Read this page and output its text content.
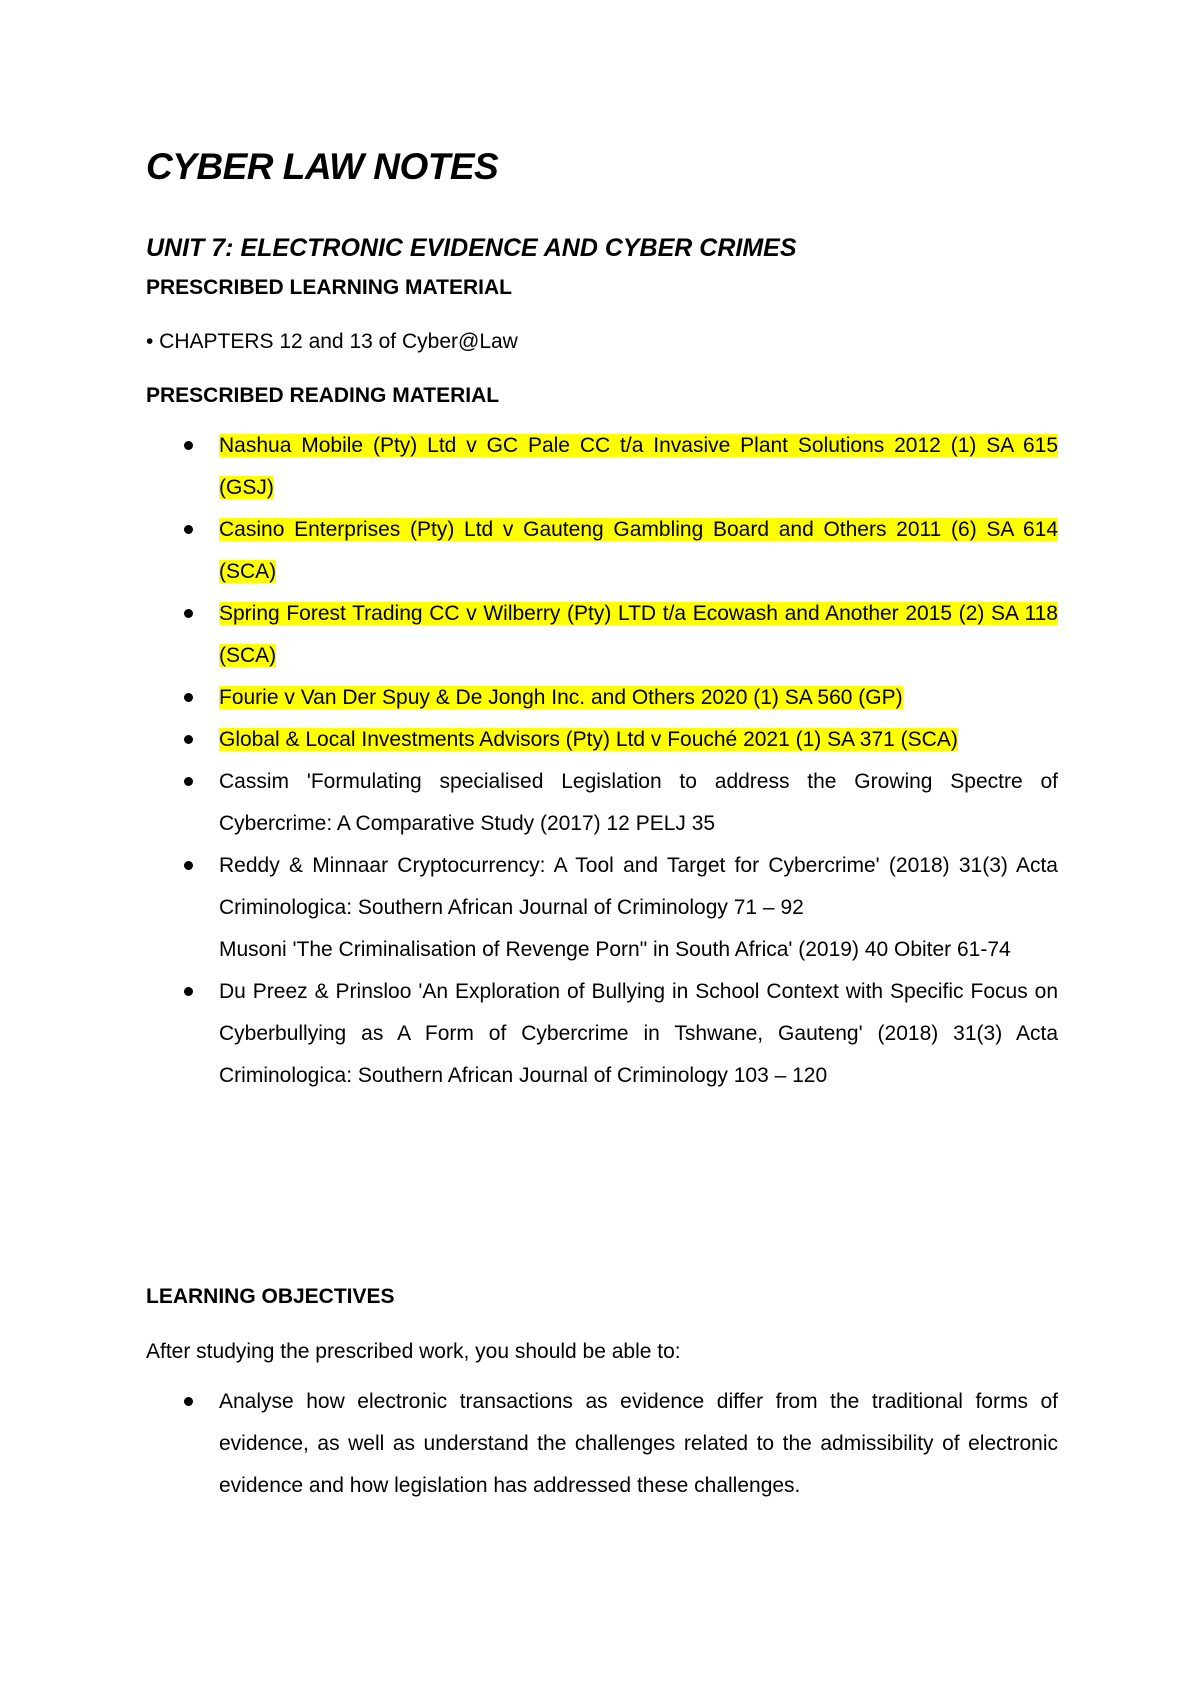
CYBER LAW NOTES
UNIT 7: ELECTRONIC EVIDENCE AND CYBER CRIMES
PRESCRIBED LEARNING MATERIAL
• CHAPTERS 12 and 13 of Cyber@Law
PRESCRIBED READING MATERIAL
Nashua Mobile (Pty) Ltd v GC Pale CC t/a Invasive Plant Solutions 2012 (1) SA 615 (GSJ)
Casino Enterprises (Pty) Ltd v Gauteng Gambling Board and Others 2011 (6) SA 614 (SCA)
Spring Forest Trading CC v Wilberry (Pty) LTD t/a Ecowash and Another 2015 (2) SA 118 (SCA)
Fourie v Van Der Spuy & De Jongh Inc. and Others 2020 (1) SA 560 (GP)
Global & Local Investments Advisors (Pty) Ltd v Fouché 2021 (1) SA 371 (SCA)
Cassim 'Formulating specialised Legislation to address the Growing Spectre of Cybercrime: A Comparative Study (2017) 12 PELJ 35
Reddy & Minnaar Cryptocurrency: A Tool and Target for Cybercrime' (2018) 31(3) Acta Criminologica: Southern African Journal of Criminology 71 – 92
Musoni 'The Criminalisation of Revenge Porn" in South Africa' (2019) 40 Obiter 61-74
Du Preez & Prinsloo 'An Exploration of Bullying in School Context with Specific Focus on Cyberbullying as A Form of Cybercrime in Tshwane, Gauteng' (2018) 31(3) Acta Criminologica: Southern African Journal of Criminology 103 – 120
LEARNING OBJECTIVES
After studying the prescribed work, you should be able to:
Analyse how electronic transactions as evidence differ from the traditional forms of evidence, as well as understand the challenges related to the admissibility of electronic evidence and how legislation has addressed these challenges.
